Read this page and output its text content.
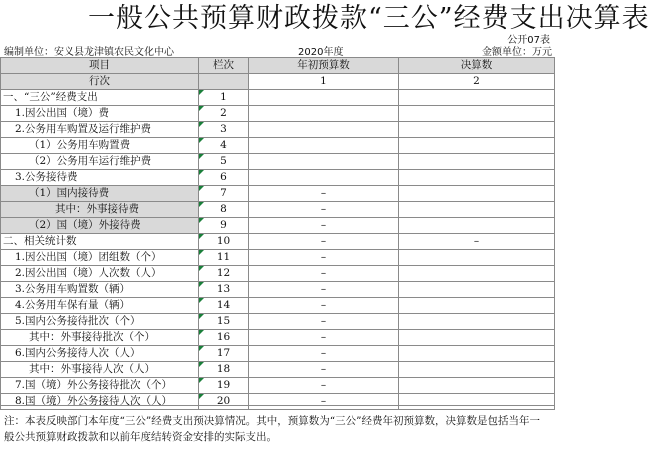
一般公共预算财政拨款“三公”经费支出决算表
公开07表
编制单位：安义县龙津镇农民文化中心	2020年度	金额单位：万元
项目	栏次	年初预算数	决算数
行次		1	2
一、“三公”经费支出	1		
1.因公出国（境）费	2		
2.公务用车购置及运行维护费	3		
（1）公务用车购置费	4		
（2）公务用车运行维护费	5		
3.公务接待费	6		
（1）国内接待费	7	–	
其中：外事接待费	8	–	
（2）国（境）外接待费	9	–	
二、相关统计数	10	–	–
1.因公出国（境）团组数（个）	11	–	
2.因公出国（境）人次数（人）	12	–	
3.公务用车购置数（辆）	13	–	
4.公务用车保有量（辆）	14	–	
5.国内公务接待批次（个）	15	–	
其中：外事接待批次（个）	16	–	
6.国内公务接待人次（人）	17	–	
其中：外事接待人次（人）	18	–	
7.国（境）外公务接待批次（个）	19	–	
8.国（境）外公务接待人次（人）	20	–	
注：本表反映部门本年度“三公”经费支出预决算情况。其中，预算数为“三公”经费年初预算数，决算数是包括当年一般公共预算财政拨款和以前年度结转资金安排的实际支出。
